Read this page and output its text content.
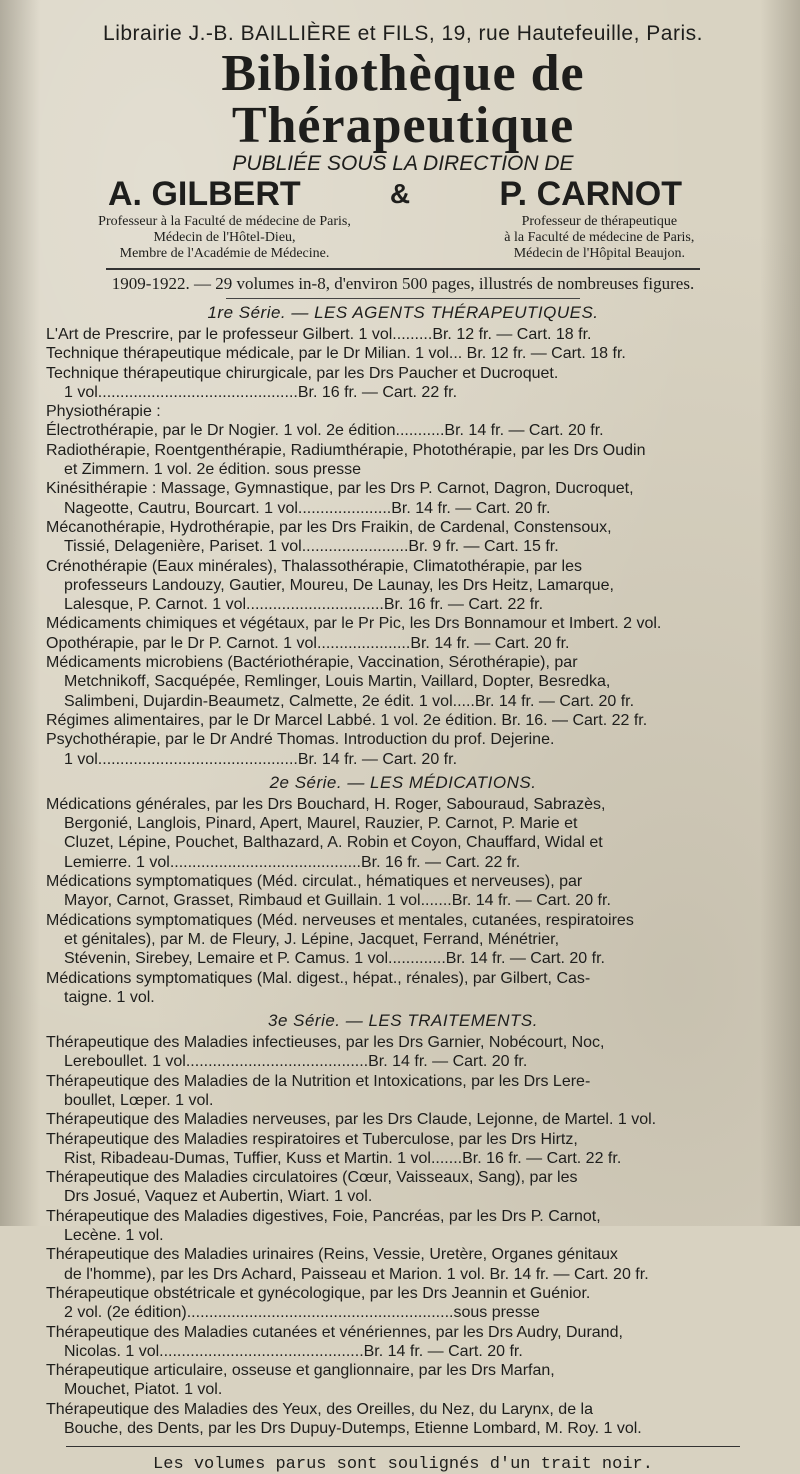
Librairie J.-B. BAILLIÈRE et FILS, 19, rue Hautefeuille, Paris.
Bibliothèque de Thérapeutique
PUBLIÉE SOUS LA DIRECTION DE
A. GILBERT	&	P. CARNOT
Professeur à la Faculté de médecine de Paris,
Médecin de l'Hôtel-Dieu,
Membre de l'Académie de Médecine.
Professeur de thérapeutique
à la Faculté de médecine de Paris,
Médecin de l'Hôpital Beaujon.
1909-1922. — 29 volumes in-8, d'environ 500 pages, illustrés de nombreuses figures.
1re Série. — LES AGENTS THÉRAPEUTIQUES.

L'Art de Prescrire, par le professeur Gilbert. 1 vol.........Br. 12 fr. — Cart. 18 fr.

Technique thérapeutique médicale, par le Dr Milian. 1 vol... Br. 12 fr. — Cart. 18 fr.

Technique thérapeutique chirurgicale, par les Drs Paucher et Ducroquet.

1 vol.............................................Br. 16 fr. — Cart. 22 fr.

Physiothérapie :

Électrothérapie, par le Dr Nogier. 1 vol. 2e édition...........Br. 14 fr. — Cart. 20 fr.

Radiothérapie, Roentgenthérapie, Radiumthérapie, Photothérapie, par les Drs Oudin

et Zimmern. 1 vol. 2e édition. sous presse

Kinésithérapie : Massage, Gymnastique, par les Drs P. Carnot, Dagron, Ducroquet,

Nageotte, Cautru, Bourcart. 1 vol.....................Br. 14 fr. — Cart. 20 fr.

Mécanothérapie, Hydrothérapie, par les Drs Fraikin, de Cardenal, Constensoux,

Tissié, Delagenière, Pariset. 1 vol........................Br. 9 fr. — Cart. 15 fr.

Crénothérapie (Eaux minérales), Thalassothérapie, Climatothérapie, par les

professeurs Landouzy, Gautier, Moureu, De Launay, les Drs Heitz, Lamarque,

Lalesque, P. Carnot. 1 vol...............................Br. 16 fr. — Cart. 22 fr.

Médicaments chimiques et végétaux, par le Pr Pic, les Drs Bonnamour et Imbert. 2 vol.

Opothérapie, par le Dr P. Carnot. 1 vol.....................Br. 14 fr. — Cart. 20 fr.

Médicaments microbiens (Bactériothérapie, Vaccination, Sérothérapie), par

Metchnikoff, Sacquépée, Remlinger, Louis Martin, Vaillard, Dopter, Besredka,

Salimbeni, Dujardin-Beaumetz, Calmette, 2e édit. 1 vol.....Br. 14 fr. — Cart. 20 fr.

Régimes alimentaires, par le Dr Marcel Labbé. 1 vol. 2e édition. Br. 16. — Cart. 22 fr.

Psychothérapie, par le Dr André Thomas. Introduction du prof. Dejerine.

1 vol.............................................Br. 14 fr. — Cart. 20 fr.

2e Série. — LES MÉDICATIONS.

Médications générales, par les Drs Bouchard, H. Roger, Sabouraud, Sabrazès,

Bergonié, Langlois, Pinard, Apert, Maurel, Rauzier, P. Carnot, P. Marie et

Cluzet, Lépine, Pouchet, Balthazard, A. Robin et Coyon, Chauffard, Widal et

Lemierre. 1 vol...........................................Br. 16 fr. — Cart. 22 fr.

Médications symptomatiques (Méd. circulat., hématiques et nerveuses), par

Mayor, Carnot, Grasset, Rimbaud et Guillain. 1 vol.......Br. 14 fr. — Cart. 20 fr.

Médications symptomatiques (Méd. nerveuses et mentales, cutanées, respiratoires

et génitales), par M. de Fleury, J. Lépine, Jacquet, Ferrand, Ménétrier,

Stévenin, Sirebey, Lemaire et P. Camus. 1 vol.............Br. 14 fr. — Cart. 20 fr.

Médications symptomatiques (Mal. digest., hépat., rénales), par Gilbert, Cas-

taigne. 1 vol.

3e Série. — LES TRAITEMENTS.

Thérapeutique des Maladies infectieuses, par les Drs Garnier, Nobécourt, Noc,

Lereboullet. 1 vol.........................................Br. 14 fr. — Cart. 20 fr.

Thérapeutique des Maladies de la Nutrition et Intoxications, par les Drs Lere-

boullet, Lœper. 1 vol.

Thérapeutique des Maladies nerveuses, par les Drs Claude, Lejonne, de Martel. 1 vol.

Thérapeutique des Maladies respiratoires et Tuberculose, par les Drs Hirtz,

Rist, Ribadeau-Dumas, Tuffier, Kuss et Martin. 1 vol.......Br. 16 fr. — Cart. 22 fr.

Thérapeutique des Maladies circulatoires (Cœur, Vaisseaux, Sang), par les

Drs Josué, Vaquez et Aubertin, Wiart. 1 vol.

Thérapeutique des Maladies digestives, Foie, Pancréas, par les Drs P. Carnot,

Lecène. 1 vol.

Thérapeutique des Maladies urinaires (Reins, Vessie, Uretère, Organes génitaux

de l'homme), par les Drs Achard, Paisseau et Marion. 1 vol. Br. 14 fr. — Cart. 20 fr.

Thérapeutique obstétricale et gynécologique, par les Drs Jeannin et Guénior.

2 vol. (2e édition)............................................................sous presse

Thérapeutique des Maladies cutanées et vénériennes, par les Drs Audry, Durand,

Nicolas. 1 vol..............................................Br. 14 fr. — Cart. 20 fr.

Thérapeutique articulaire, osseuse et ganglionnaire, par les Drs Marfan,

Mouchet, Piatot. 1 vol.

Thérapeutique des Maladies des Yeux, des Oreilles, du Nez, du Larynx, de la

Bouche, des Dents, par les Drs Dupuy-Dutemps, Etienne Lombard, M. Roy. 1 vol.

Les volumes parus sont soulignés d'un trait noir.
